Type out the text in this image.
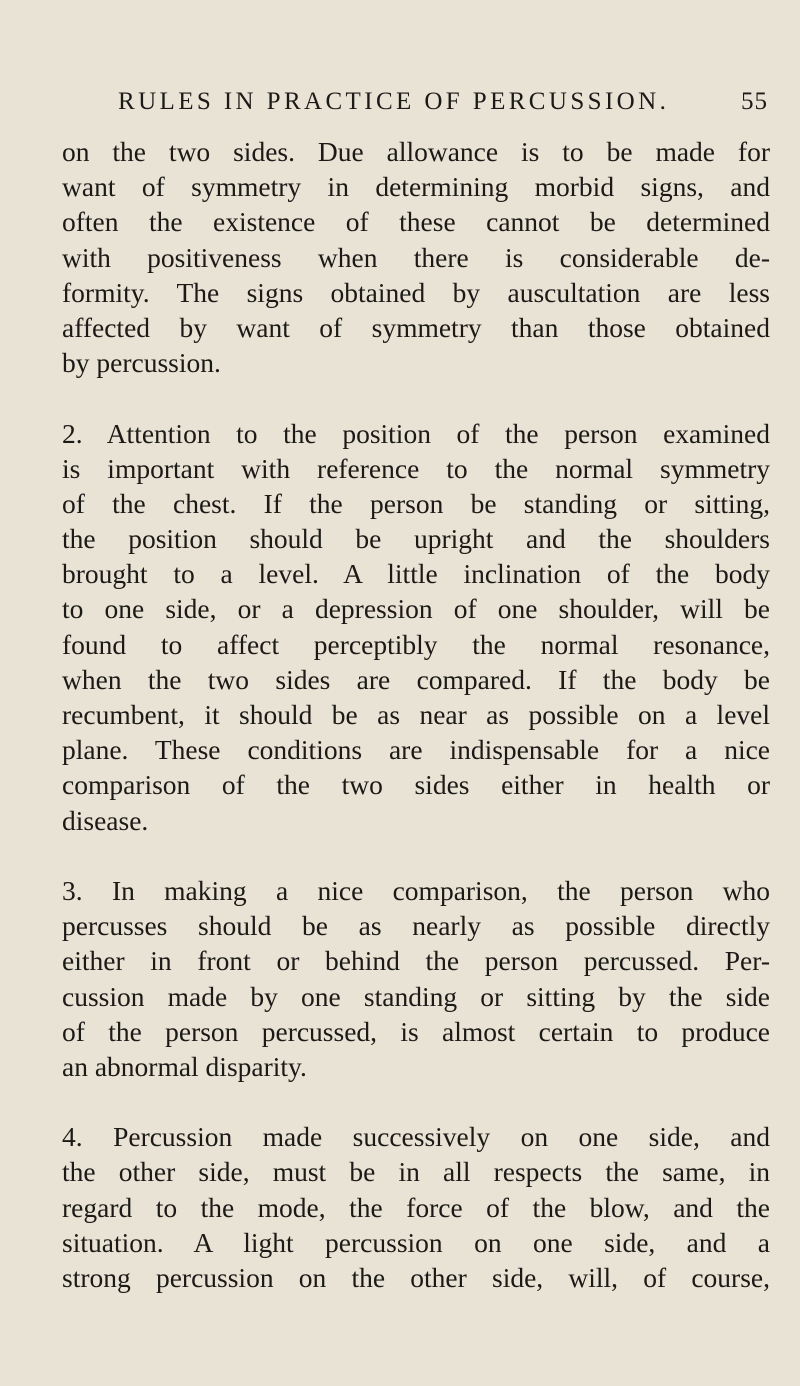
RULES IN PRACTICE OF PERCUSSION.	55
on the two sides. Due allowance is to be made for
want of symmetry in determining morbid signs, and
often the existence of these cannot be determined
with positiveness when there is considerable de-
formity. The signs obtained by auscultation are less
affected by want of symmetry than those obtained
by percussion.
2. Attention to the position of the person examined
is important with reference to the normal symmetry
of the chest. If the person be standing or sitting,
the position should be upright and the shoulders
brought to a level. A little inclination of the body
to one side, or a depression of one shoulder, will be
found to affect perceptibly the normal resonance,
when the two sides are compared. If the body be
recumbent, it should be as near as possible on a level
plane. These conditions are indispensable for a nice
comparison of the two sides either in health or
disease.
3. In making a nice comparison, the person who
percusses should be as nearly as possible directly
either in front or behind the person percussed. Per-
cussion made by one standing or sitting by the side
of the person percussed, is almost certain to produce
an abnormal disparity.
4. Percussion made successively on one side, and
the other side, must be in all respects the same, in
regard to the mode, the force of the blow, and the
situation. A light percussion on one side, and a
strong percussion on the other side, will, of course,
